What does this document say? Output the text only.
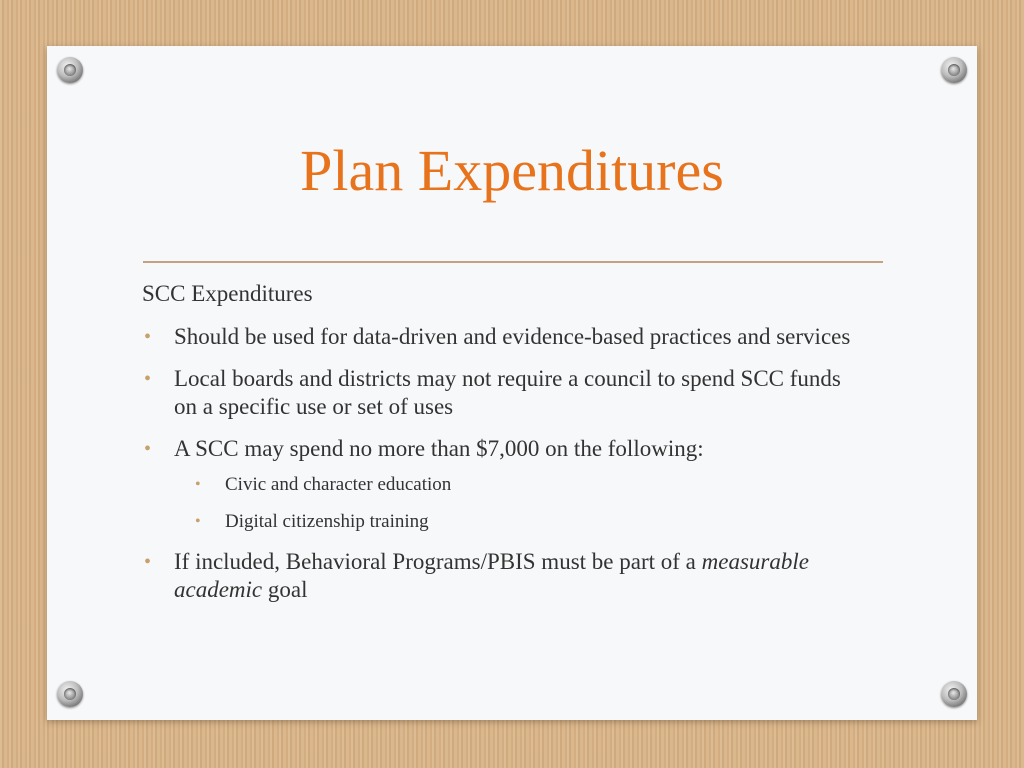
Plan Expenditures
SCC Expenditures
• Should be used for data-driven and evidence-based practices and services
• Local boards and districts may not require a council to spend SCC funds on a specific use or set of uses
• A SCC may spend no more than $7,000 on the following:
• Civic and character education
• Digital citizenship training
• If included, Behavioral Programs/PBIS must be part of a measurable academic goal
